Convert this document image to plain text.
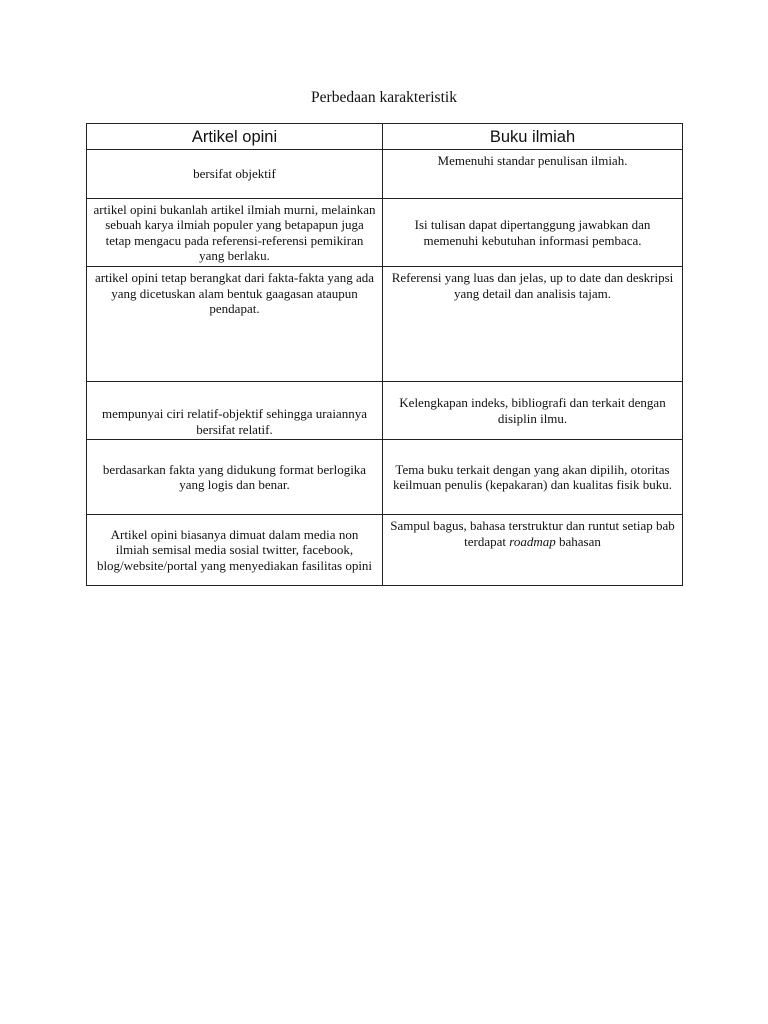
Perbedaan karakteristik
Artikel opini	Buku ilmiah
bersifat objektif	Memenuhi standar penulisan ilmiah.
artikel opini bukanlah artikel ilmiah murni, melainkan sebuah karya ilmiah populer yang betapapun juga tetap mengacu pada referensi-referensi pemikiran yang berlaku.	Isi tulisan dapat dipertanggung jawabkan dan memenuhi kebutuhan informasi pembaca.
artikel opini tetap berangkat dari fakta-fakta yang ada yang dicetuskan alam bentuk gaagasan ataupun pendapat.	Referensi yang luas dan jelas, up to date dan deskripsi yang detail dan analisis tajam.
mempunyai ciri relatif-objektif sehingga uraiannya bersifat relatif.	Kelengkapan indeks, bibliografi dan terkait dengan disiplin ilmu.
berdasarkan fakta yang didukung format berlogika yang logis dan benar.	Tema buku terkait dengan yang akan dipilih, otoritas keilmuan penulis (kepakaran) dan kualitas fisik buku.
Artikel opini biasanya dimuat dalam media non ilmiah semisal media sosial twitter, facebook, blog/website/portal yang menyediakan fasilitas opini	Sampul bagus, bahasa terstruktur dan runtut setiap bab terdapat roadmap bahasan
